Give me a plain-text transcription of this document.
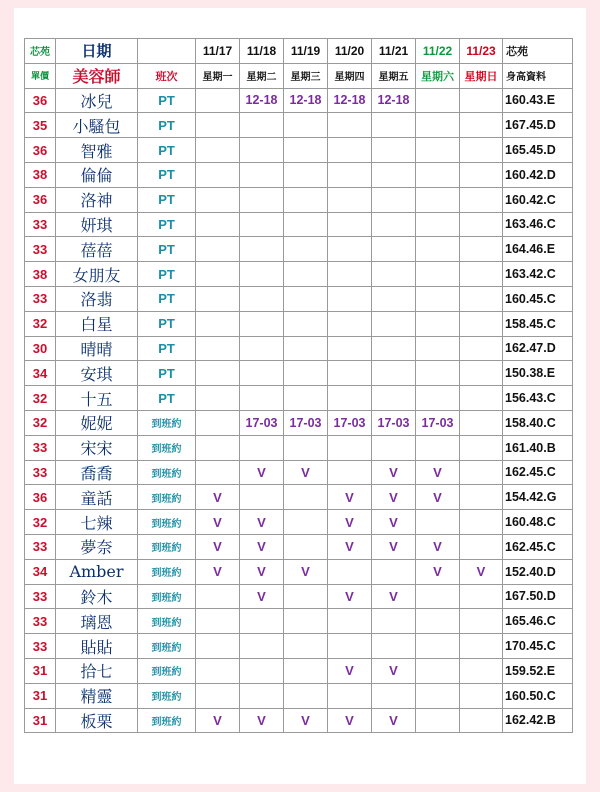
芯苑	日期		11/17	11/18	11/19	11/20	11/21	11/22	11/23	芯苑
單價	美容師	班次	星期一	星期二	星期三	星期四	星期五	星期六	星期日	身高資料
36	冰兒	PT		12-18	12-18	12-18	12-18			160.43.E
35	小騷包	PT								167.45.D
36	智雅	PT								165.45.D
38	倫倫	PT								160.42.D
36	洛神	PT								160.42.C
33	妍琪	PT								163.46.C
33	蓓蓓	PT								164.46.E
38	女朋友	PT								163.42.C
33	洛翡	PT								160.45.C
32	白星	PT								158.45.C
30	晴晴	PT								162.47.D
34	安琪	PT								150.38.E
32	十五	PT								156.43.C
32	妮妮	到班約		17-03	17-03	17-03	17-03	17-03		158.40.C
33	宋宋	到班約								161.40.B
33	喬喬	到班約		V	V		V	V		162.45.C
36	童話	到班約	V			V	V	V		154.42.G
32	七辣	到班約	V	V		V	V			160.48.C
33	夢奈	到班約	V	V		V	V	V		162.45.C
34	Amber	到班約	V	V	V			V	V	152.40.D
33	鈴木	到班約		V		V	V			167.50.D
33	璃恩	到班約								165.46.C
33	貼貼	到班約								170.45.C
31	拾七	到班約				V	V			159.52.E
31	精靈	到班約								160.50.C
31	板栗	到班約	V	V	V	V	V			162.42.B
